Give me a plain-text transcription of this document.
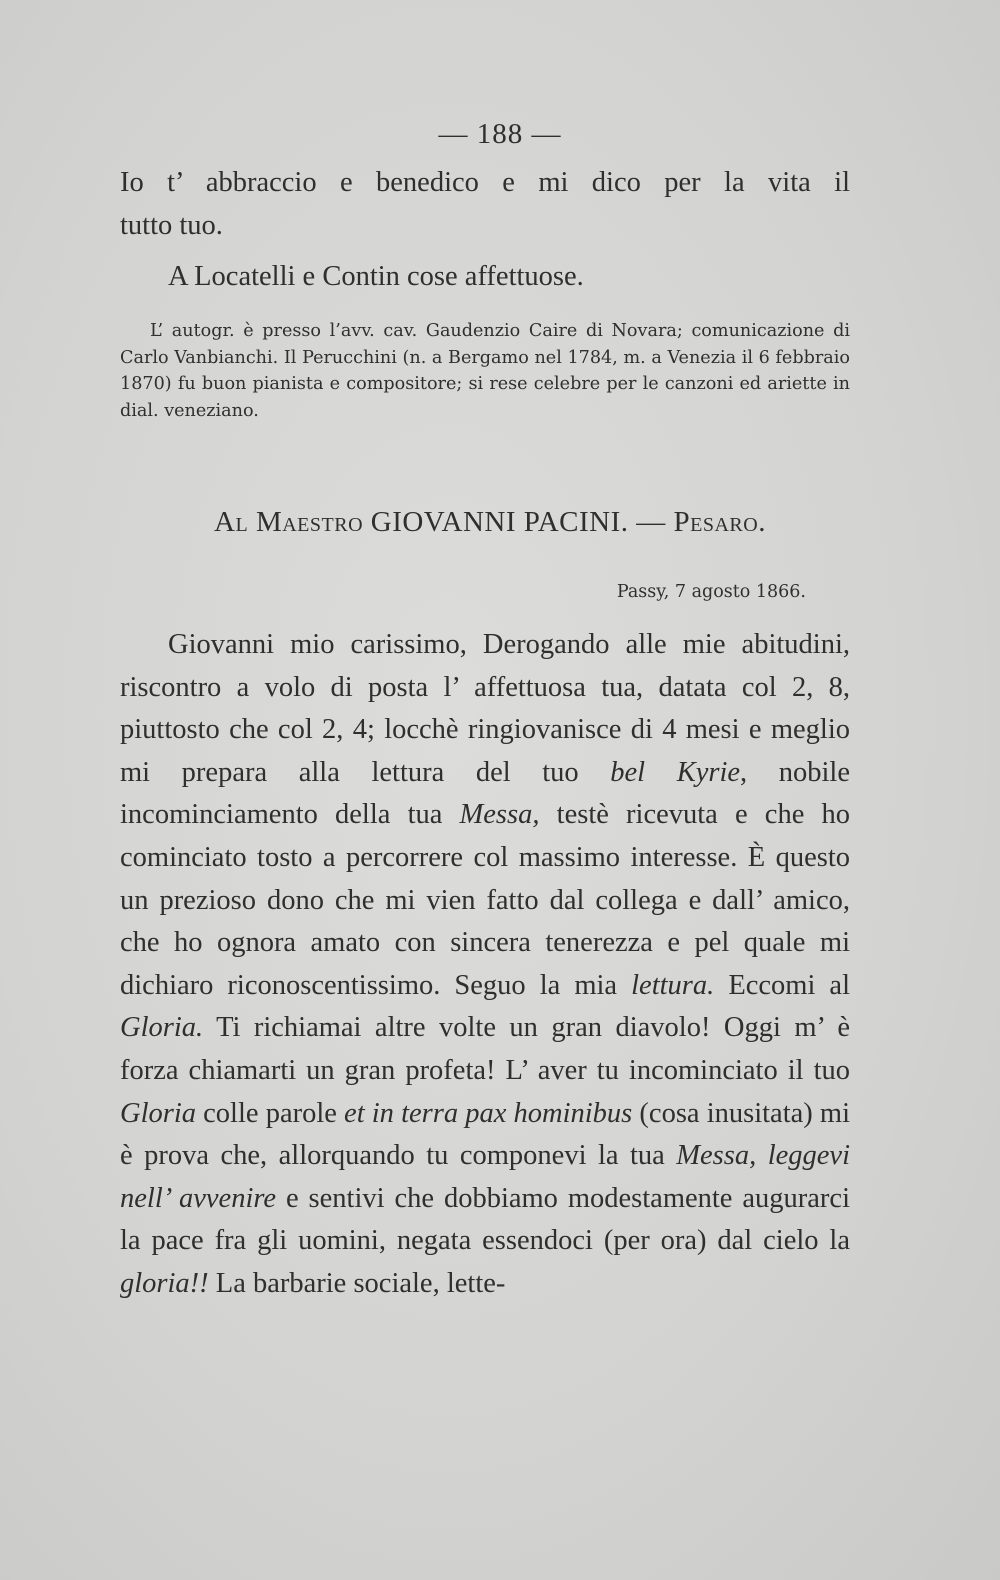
— 188 —

Io t’ abbraccio e benedico e mi dico per la vita il

tutto tuo.

A Locatelli e Contin cose affettuose.

L’ autogr. è presso l’avv. cav. Gaudenzio Caire di Novara; comunicazione di Carlo Vanbianchi. Il Perucchini (n. a Bergamo nel 1784, m. a Venezia il 6 febbraio 1870) fu buon pianista e compositore; si rese celebre per le canzoni ed ariette in dial. veneziano.

Al Maestro GIOVANNI PACINI. — Pesaro.
Passy, 7 agosto 1866.

Giovanni mio carissimo, Derogando alle mie abitudini, riscontro a volo di posta l’ affettuosa tua, datata col 2, 8, piuttosto che col 2, 4; locchè ringiovanisce di 4 mesi e meglio mi prepara alla lettura del tuo bel Kyrie, nobile incominciamento della tua Messa, testè ricevuta e che ho cominciato tosto a percorrere col massimo interesse. È questo un prezioso dono che mi vien fatto dal collega e dall’ amico, che ho ognora amato con sincera tenerezza e pel quale mi dichiaro riconoscentissimo. Seguo la mia lettura. Eccomi al Gloria. Ti richiamai altre volte un gran diavolo! Oggi m’ è forza chiamarti un gran profeta! L’ aver tu incominciato il tuo Gloria colle parole et in terra pax hominibus (cosa inusitata) mi è prova che, allorquando tu componevi la tua Messa, leggevi nell’ avvenire e sentivi che dobbiamo modestamente augurarci la pace fra gli uomini, negata essendoci (per ora) dal cielo la gloria!! La barbarie sociale, lette-
